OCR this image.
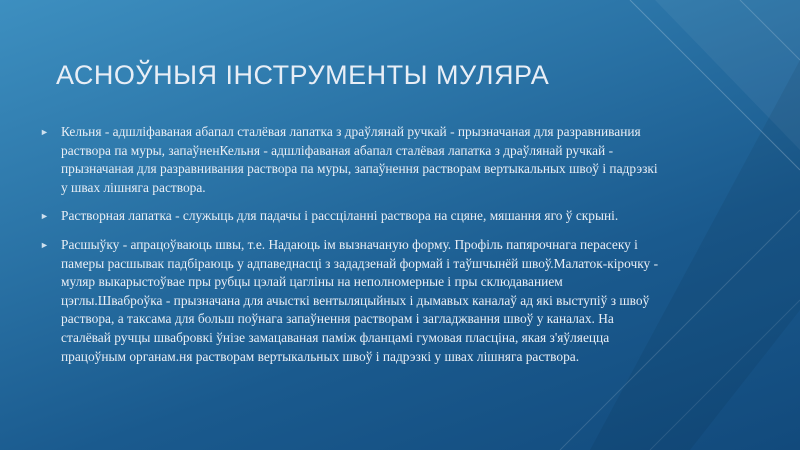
АСНОЎНЫЯ ІНСТРУМЕНТЫ МУЛЯРА
► Кельня - адшліфаваная абапал сталёвая лапатка з драўлянай ручкай - прызначаная для разравнивания раствора па муры, запаўненКельня - адшліфаваная абапал сталёвая лапатка з драўлянай ручкай - прызначаная для разравнивания раствора па муры, запаўнення растворам вертыкальных швоў і падрэзкі у швах лішняга раствора.
► Растворная лапатка - служыць для падачы і рассціланні раствора на сцяне, мяшання яго ў скрыні.
► Расшыўку - апрацоўваюць швы, т.е. Надаюць ім вызначаную форму. Профіль папярочнага перасеку і памеры расшывак падбіраюць у адпаведнасці з зададзенай формай і таўшчынёй швоў.Малаток-кірочку - муляр выкарыстоўвае пры рубцы цэлай цагліны на неполномерные і пры склюдаванием цэглы.Шваброўка - прызначана для ачысткі вентыляцыйных і дымавых каналаў ад які выступіў з швоў раствора, а таксама для больш поўнага запаўнення растворам і загладжвання швоў у каналах. На сталёвай ручцы швабровкі ўнізе замацаваная паміж фланцамі гумовая пласціна, якая з'яўляецца працоўным органам.ня растворам вертыкальных швоў і падрэзкі у швах лішняга раствора.
